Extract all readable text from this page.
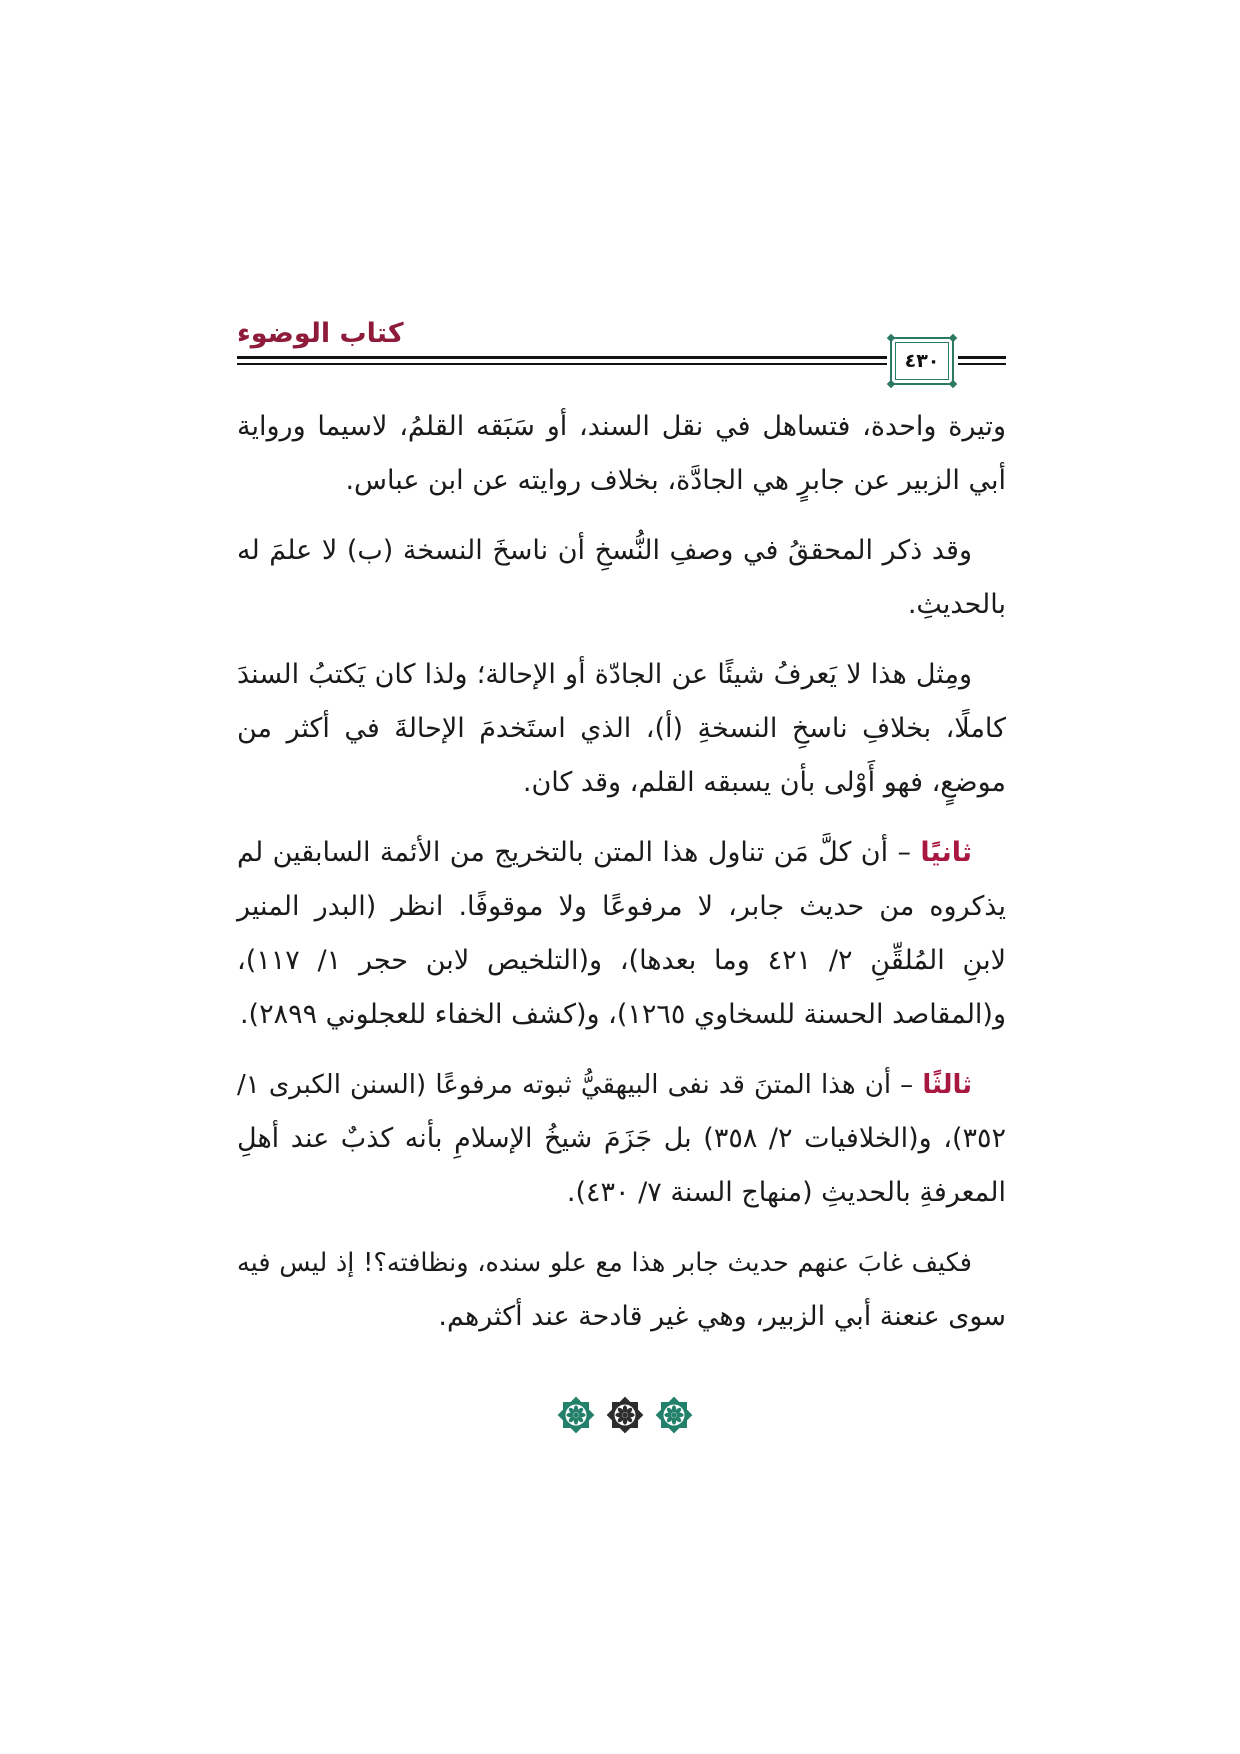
كتاب الوضوء
٤٣٠
وتيرة واحدة، فتساهل في نقل السند، أو سَبَقه القلمُ، لاسيما ورواية
أبي الزبير عن جابرٍ هي الجادَّة، بخلاف روايته عن ابن عباس.
وقد ذكر المحققُ في وصفِ النُّسخِ أن ناسخَ النسخة (ب) لا علمَ له
بالحديثِ.
ومِثل هذا لا يَعرفُ شيئًا عن الجادّة أو الإحالة؛ ولذا كان يَكتبُ السندَ
كاملًا، بخلافِ ناسخِ النسخةِ (أ)، الذي استَخدمَ الإحالةَ في أكثر من
موضعٍ، فهو أَوْلى بأن يسبقه القلم، وقد كان.
ثانيًا – أن كلَّ مَن تناول هذا المتن بالتخريج من الأئمة السابقين لم
يذكروه من حديث جابر، لا مرفوعًا ولا موقوفًا. انظر (البدر المنير
لابنِ المُلقِّنِ ٢/ ٤٢١ وما بعدها)، و(التلخيص لابن حجر ١/ ١١٧)،
و(المقاصد الحسنة للسخاوي ١٢٦٥)، و(كشف الخفاء للعجلوني ٢٨٩٩).
ثالثًا – أن هذا المتنَ قد نفى البيهقيُّ ثبوته مرفوعًا (السنن الكبرى ١/
٣٥٢)، و(الخلافيات ٢/ ٣٥٨) بل جَزَمَ شيخُ الإسلامِ بأنه كذبٌ عند أهلِ
المعرفةِ بالحديثِ (منهاج السنة ٧/ ٤٣٠).
فكيف غابَ عنهم حديث جابر هذا مع علو سنده، ونظافته؟! إذ ليس فيه
سوى عنعنة أبي الزبير، وهي غير قادحة عند أكثرهم.
